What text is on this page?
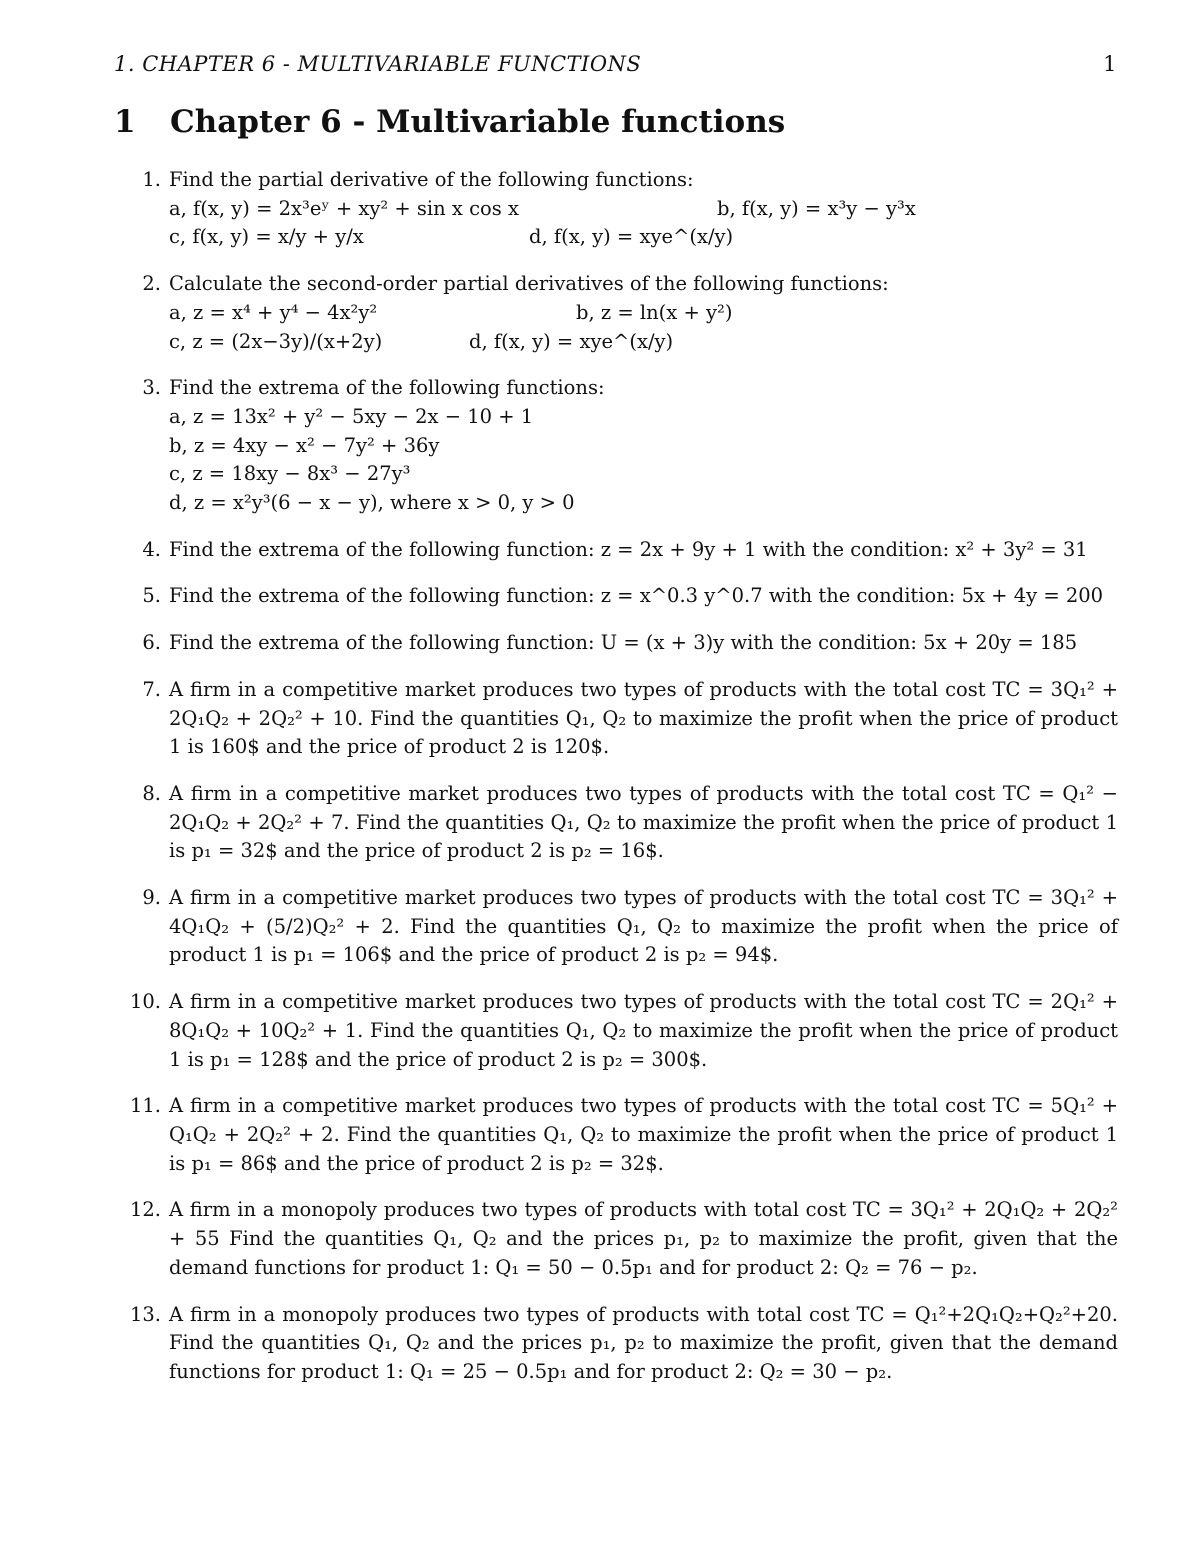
1. CHAPTER 6 - MULTIVARIABLE FUNCTIONS	1
1 Chapter 6 - Multivariable functions
1. Find the partial derivative of the following functions:
a, f(x, y) = 2x³eʸ + xy² + sin x cos x	b, f(x, y) = x³y − y³x
c, f(x, y) = x/y + y/x	d, f(x, y) = xye^(x/y)
2. Calculate the second-order partial derivatives of the following functions:
a, z = x⁴ + y⁴ − 4x²y²	b, z = ln(x + y²)
c, z = (2x−3y)/(x+2y)	d, f(x, y) = xye^(x/y)
3. Find the extrema of the following functions:
a, z = 13x² + y² − 5xy − 2x − 10 + 1
b, z = 4xy − x² − 7y² + 36y
c, z = 18xy − 8x³ − 27y³
d, z = x²y³(6 − x − y), where x > 0, y > 0
4. Find the extrema of the following function: z = 2x + 9y + 1 with the condition: x² + 3y² = 31
5. Find the extrema of the following function: z = x^0.3 y^0.7 with the condition: 5x + 4y = 200
6. Find the extrema of the following function: U = (x + 3)y with the condition: 5x + 20y = 185
7. A firm in a competitive market produces two types of products with the total cost TC = 3Q₁² + 2Q₁Q₂ + 2Q₂² + 10. Find the quantities Q₁, Q₂ to maximize the profit when the price of product 1 is 160$ and the price of product 2 is 120$.
8. A firm in a competitive market produces two types of products with the total cost TC = Q₁² − 2Q₁Q₂ + 2Q₂² + 7. Find the quantities Q₁, Q₂ to maximize the profit when the price of product 1 is p₁ = 32$ and the price of product 2 is p₂ = 16$.
9. A firm in a competitive market produces two types of products with the total cost TC = 3Q₁² + 4Q₁Q₂ + (5/2)Q₂² + 2. Find the quantities Q₁, Q₂ to maximize the profit when the price of product 1 is p₁ = 106$ and the price of product 2 is p₂ = 94$.
10. A firm in a competitive market produces two types of products with the total cost TC = 2Q₁² + 8Q₁Q₂ + 10Q₂² + 1. Find the quantities Q₁, Q₂ to maximize the profit when the price of product 1 is p₁ = 128$ and the price of product 2 is p₂ = 300$.
11. A firm in a competitive market produces two types of products with the total cost TC = 5Q₁² + Q₁Q₂ + 2Q₂² + 2. Find the quantities Q₁, Q₂ to maximize the profit when the price of product 1 is p₁ = 86$ and the price of product 2 is p₂ = 32$.
12. A firm in a monopoly produces two types of products with total cost TC = 3Q₁² + 2Q₁Q₂ + 2Q₂² + 55 Find the quantities Q₁, Q₂ and the prices p₁, p₂ to maximize the profit, given that the demand functions for product 1: Q₁ = 50 − 0.5p₁ and for product 2: Q₂ = 76 − p₂.
13. A firm in a monopoly produces two types of products with total cost TC = Q₁²+2Q₁Q₂+Q₂²+20. Find the quantities Q₁, Q₂ and the prices p₁, p₂ to maximize the profit, given that the demand functions for product 1: Q₁ = 25 − 0.5p₁ and for product 2: Q₂ = 30 − p₂.
